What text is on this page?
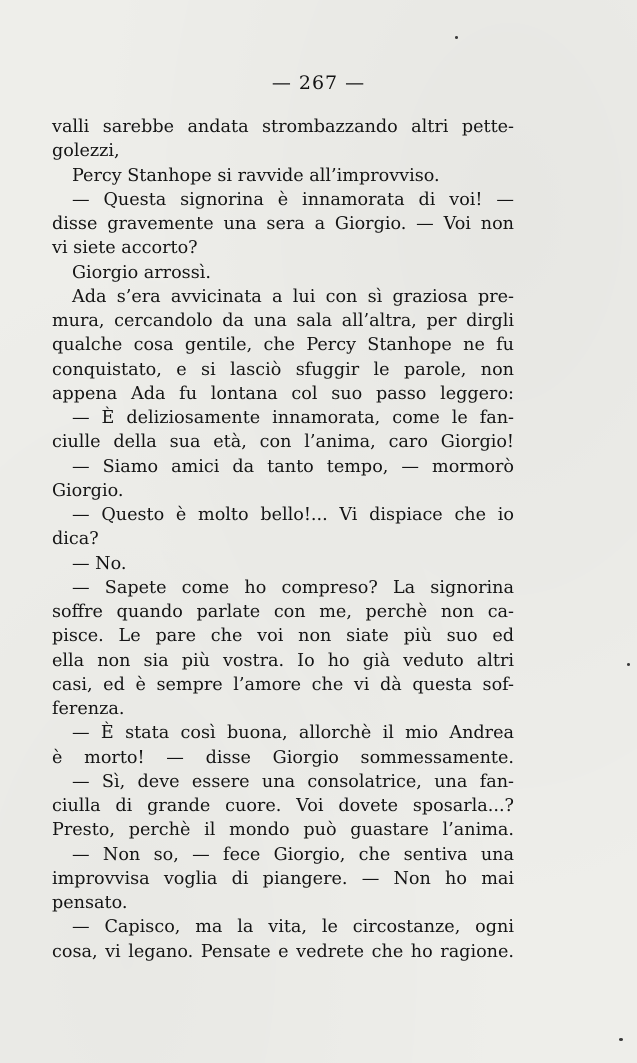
— 267 —
valli sarebbe andata strombazzando altri pette-
golezzi,
Percy Stanhope si ravvide all’improvviso.
— Questa signorina è innamorata di voi! —
disse gravemente una sera a Giorgio. — Voi non
vi siete accorto?
Giorgio arrossì.
Ada s’era avvicinata a lui con sì graziosa pre-
mura, cercandolo da una sala all’altra, per dirgli
qualche cosa gentile, che Percy Stanhope ne fu
conquistato, e si lasciò sfuggir le parole, non
appena Ada fu lontana col suo passo leggero:
— È deliziosamente innamorata, come le fan-
ciulle della sua età, con l’anima, caro Giorgio!
— Siamo amici da tanto tempo, — mormorò
Giorgio.
— Questo è molto bello!... Vi dispiace che io
dica?
— No.
— Sapete come ho compreso? La signorina
soffre quando parlate con me, perchè non ca-
pisce. Le pare che voi non siate più suo ed
ella non sia più vostra. Io ho già veduto altri
casi, ed è sempre l’amore che vi dà questa sof-
ferenza.
— È stata così buona, allorchè il mio Andrea
è morto! — disse Giorgio sommessamente.
— Sì, deve essere una consolatrice, una fan-
ciulla di grande cuore. Voi dovete sposarla...?
Presto, perchè il mondo può guastare l’anima.
— Non so, — fece Giorgio, che sentiva una
improvvisa voglia di piangere. — Non ho mai
pensato.
— Capisco, ma la vita, le circostanze, ogni
cosa, vi legano. Pensate e vedrete che ho ragione.
